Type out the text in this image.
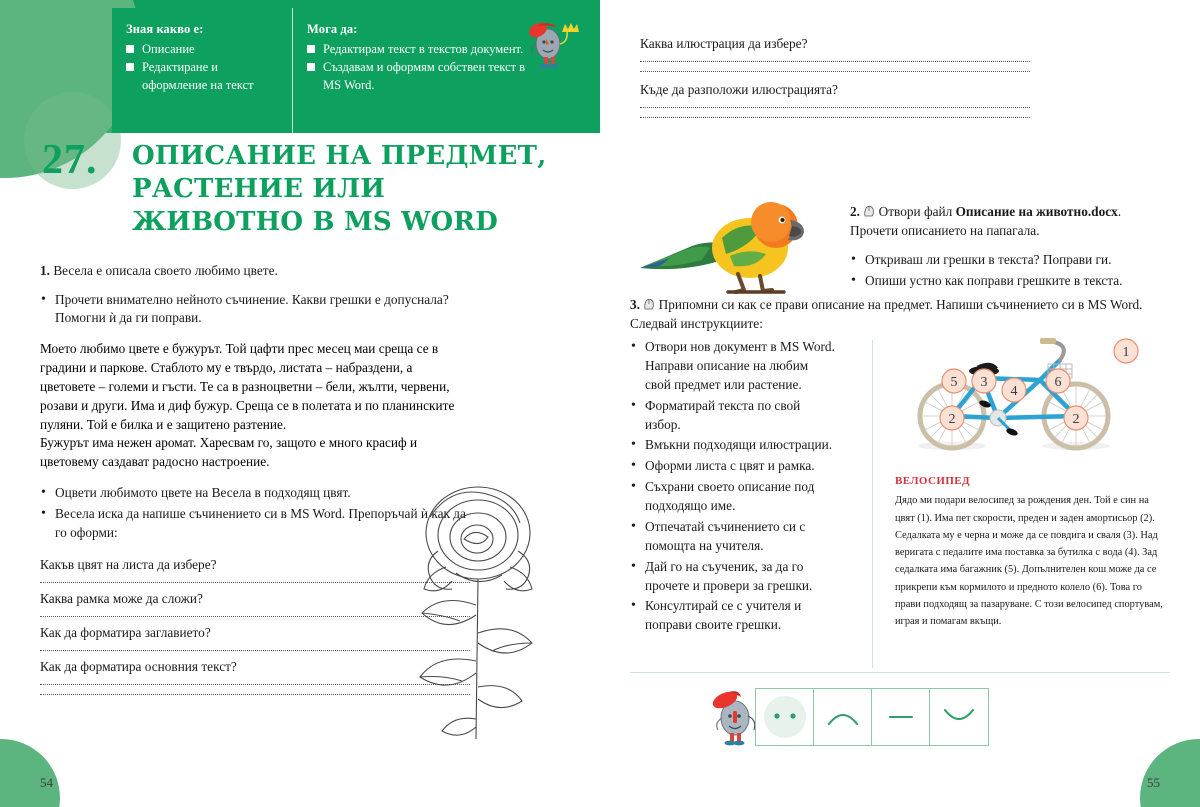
Зная какво е:
Описание
Редактиране и оформление на текст
Мога да:
Редактирам текст в текстов документ.
Създавам и оформям собствен текст в MS Word.
27. ОПИСАНИЕ НА ПРЕДМЕТ, РАСТЕНИЕ ИЛИ ЖИВОТНО В MS WORD
1. Весела е описала своето любимо цвете.
• Прочети внимателно нейното съчинение. Какви грешки е допуснала? Помогни ѝ да ги поправи.

Моето любимо цвете е бужурът. Той цафти прес месец маи среща се в градини и паркове. Стаблото му е твърдо, листата – набраздени, а цветовете – големи и гъсти. Те са в разноцветни – бели, жълти, червени, розави и други. Има и диф бужур. Среща се в полетата и по планинските пуляни. Той е билка и е защитено разтение.

Бужурът има нежен аромат. Харесвам го, защото е много красиф и цветовему саздават радосно настроение.

• Оцвети любимото цвете на Весела в подходящ цвят.
• Весела иска да напише съчинението си в MS Word. Препоръчай ѝ как да го оформи:
Какъв цвят на листа да избере?
Каква рамка може да сложи?
Как да форматира заглавието?
Как да форматира основния текст?
54
Каква илюстрация да избере?
Къде да разположи илюстрацията?
2. Отвори файл Описание на животно.docx. Прочети описанието на папагала.
• Откриваш ли грешки в текста? Поправи ги.
• Опиши устно как поправи грешките в текста.
3. Припомни си как се прави описание на предмет. Напиши съчинението си в MS Word. Следвай инструкциите:
• Отвори нов документ в MS Word. Направи описание на любим свой предмет или растение.
• Форматирай текста по свой избор.
• Вмъкни подходящи илюстрации.
• Оформи листа с цвят и рамка.
• Съхрани своето описание под подходящо име.
• Отпечатай съчинението си с помощта на учителя.
• Дай го на съученик, за да го прочете и провери за грешки.
• Консултирай се с учителя и поправи своите грешки.
1
2	2
3
4
5	6
ВЕЛОСИПЕД
Дядо ми подари велосипед за рождения ден. Той е син на цвят (1). Има пет скорости, преден и заден амортисьор (2). Седалката му е черна и може да се повдига и сваля (3). Над веригата с педалите има поставка за бутилка с вода (4). Зад седалката има багажник (5). Допълнителен кош може да се прикрепи към кормилото и предното колело (6). Това го прави подходящ за пазаруване. С този велосипед спортувам, играя и помагам вкъщи.
55
